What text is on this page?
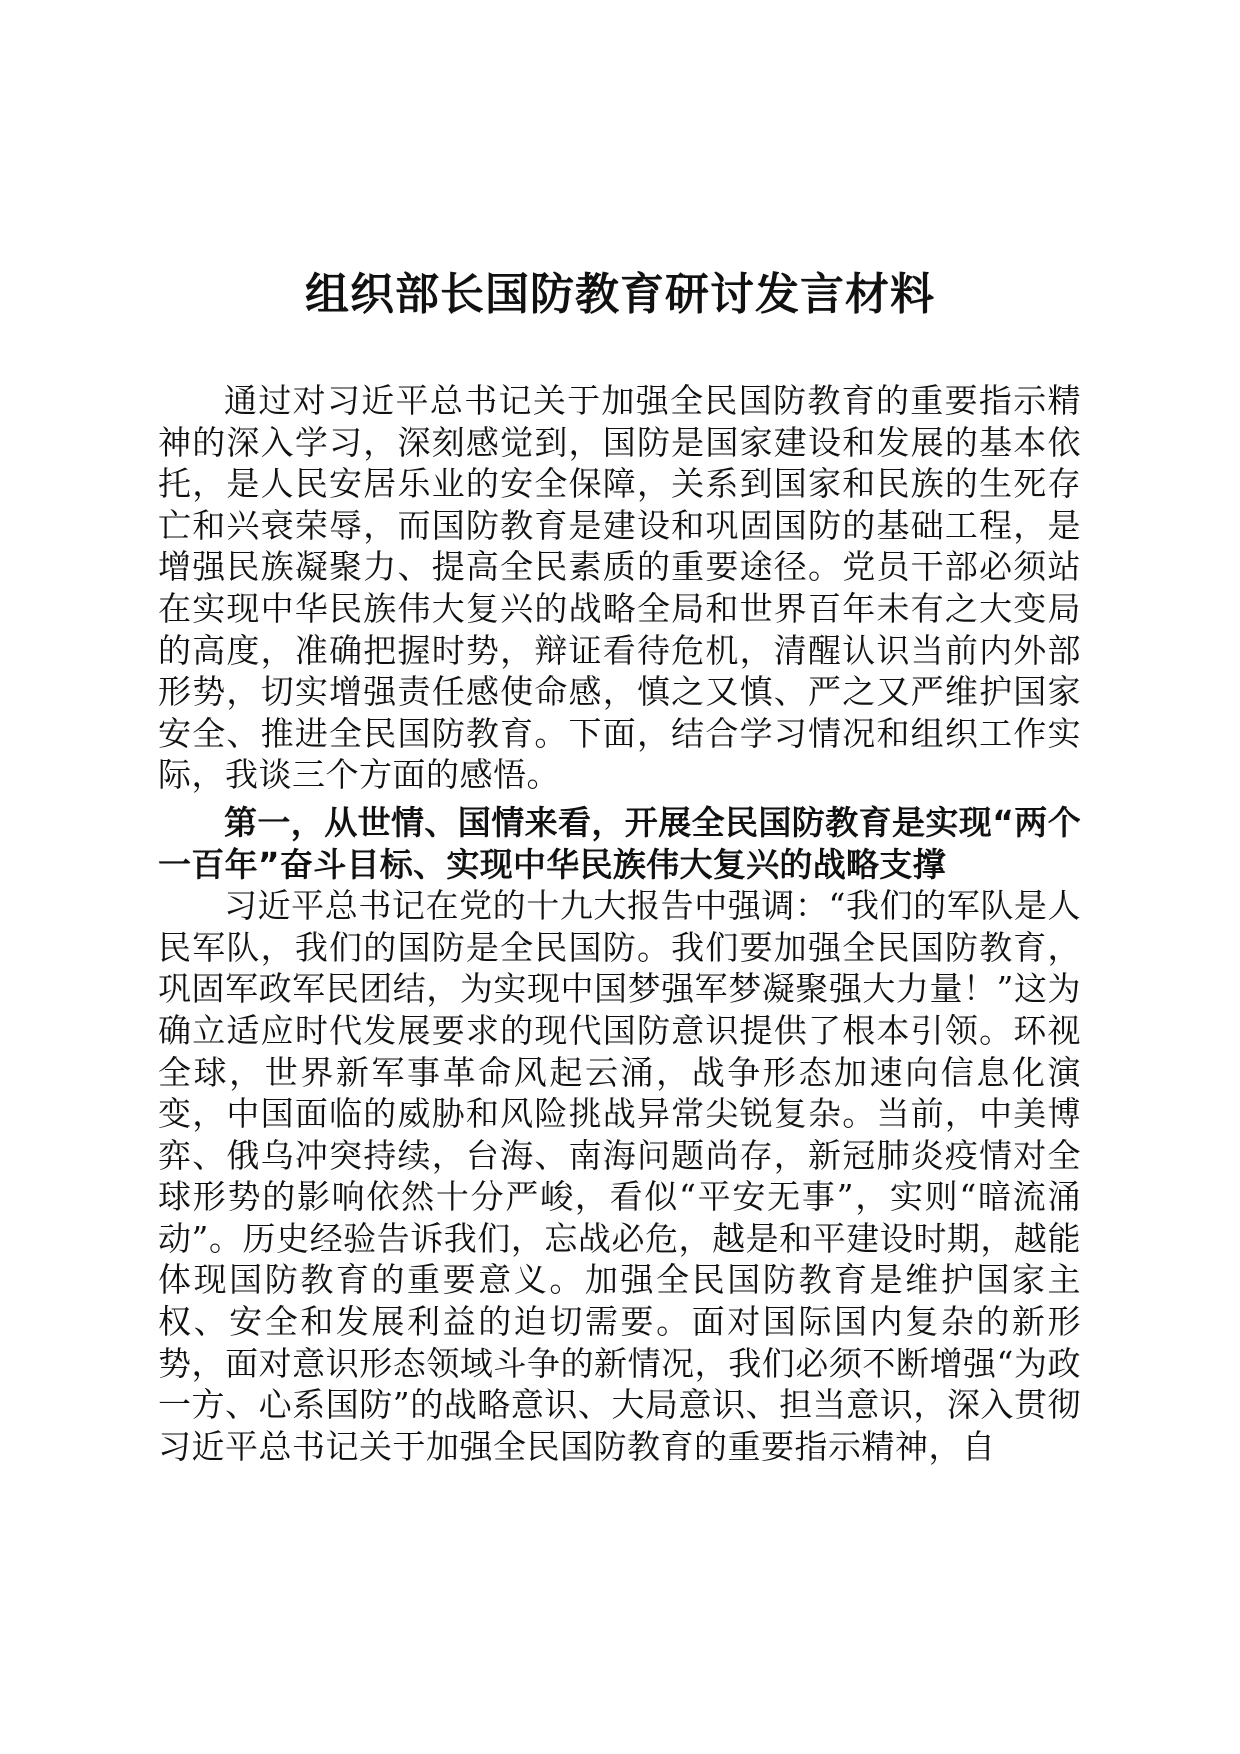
组织部长国防教育研讨发言材料

通过对习近平总书记关于加强全民国防教育的重要指示精神的深入学习，深刻感觉到，国防是国家建设和发展的基本依托，是人民安居乐业的安全保障，关系到国家和民族的生死存亡和兴衰荣辱，而国防教育是建设和巩固国防的基础工程，是增强民族凝聚力、提高全民素质的重要途径。党员干部必须站在实现中华民族伟大复兴的战略全局和世界百年未有之大变局的高度，准确把握时势，辩证看待危机，清醒认识当前内外部形势，切实增强责任感使命感，慎之又慎、严之又严维护国家安全、推进全民国防教育。下面，结合学习情况和组织工作实际，我谈三个方面的感悟。

第一，从世情、国情来看，开展全民国防教育是实现“两个一百年”奋斗目标、实现中华民族伟大复兴的战略支撑

习近平总书记在党的十九大报告中强调：“我们的军队是人民军队，我们的国防是全民国防。我们要加强全民国防教育，巩固军政军民团结，为实现中国梦强军梦凝聚强大力量！”这为确立适应时代发展要求的现代国防意识提供了根本引领。环视全球，世界新军事革命风起云涌，战争形态加速向信息化演变，中国面临的威胁和风险挑战异常尖锐复杂。当前，中美博弈、俄乌冲突持续，台海、南海问题尚存，新冠肺炎疫情对全球形势的影响依然十分严峻，看似“平安无事”，实则“暗流涌动”。历史经验告诉我们，忘战必危，越是和平建设时期，越能体现国防教育的重要意义。加强全民国防教育是维护国家主权、安全和发展利益的迫切需要。面对国际国内复杂的新形势，面对意识形态领域斗争的新情况，我们必须不断增强“为政一方、心系国防”的战略意识、大局意识、担当意识，深入贯彻习近平总书记关于加强全民国防教育的重要指示精神，自
